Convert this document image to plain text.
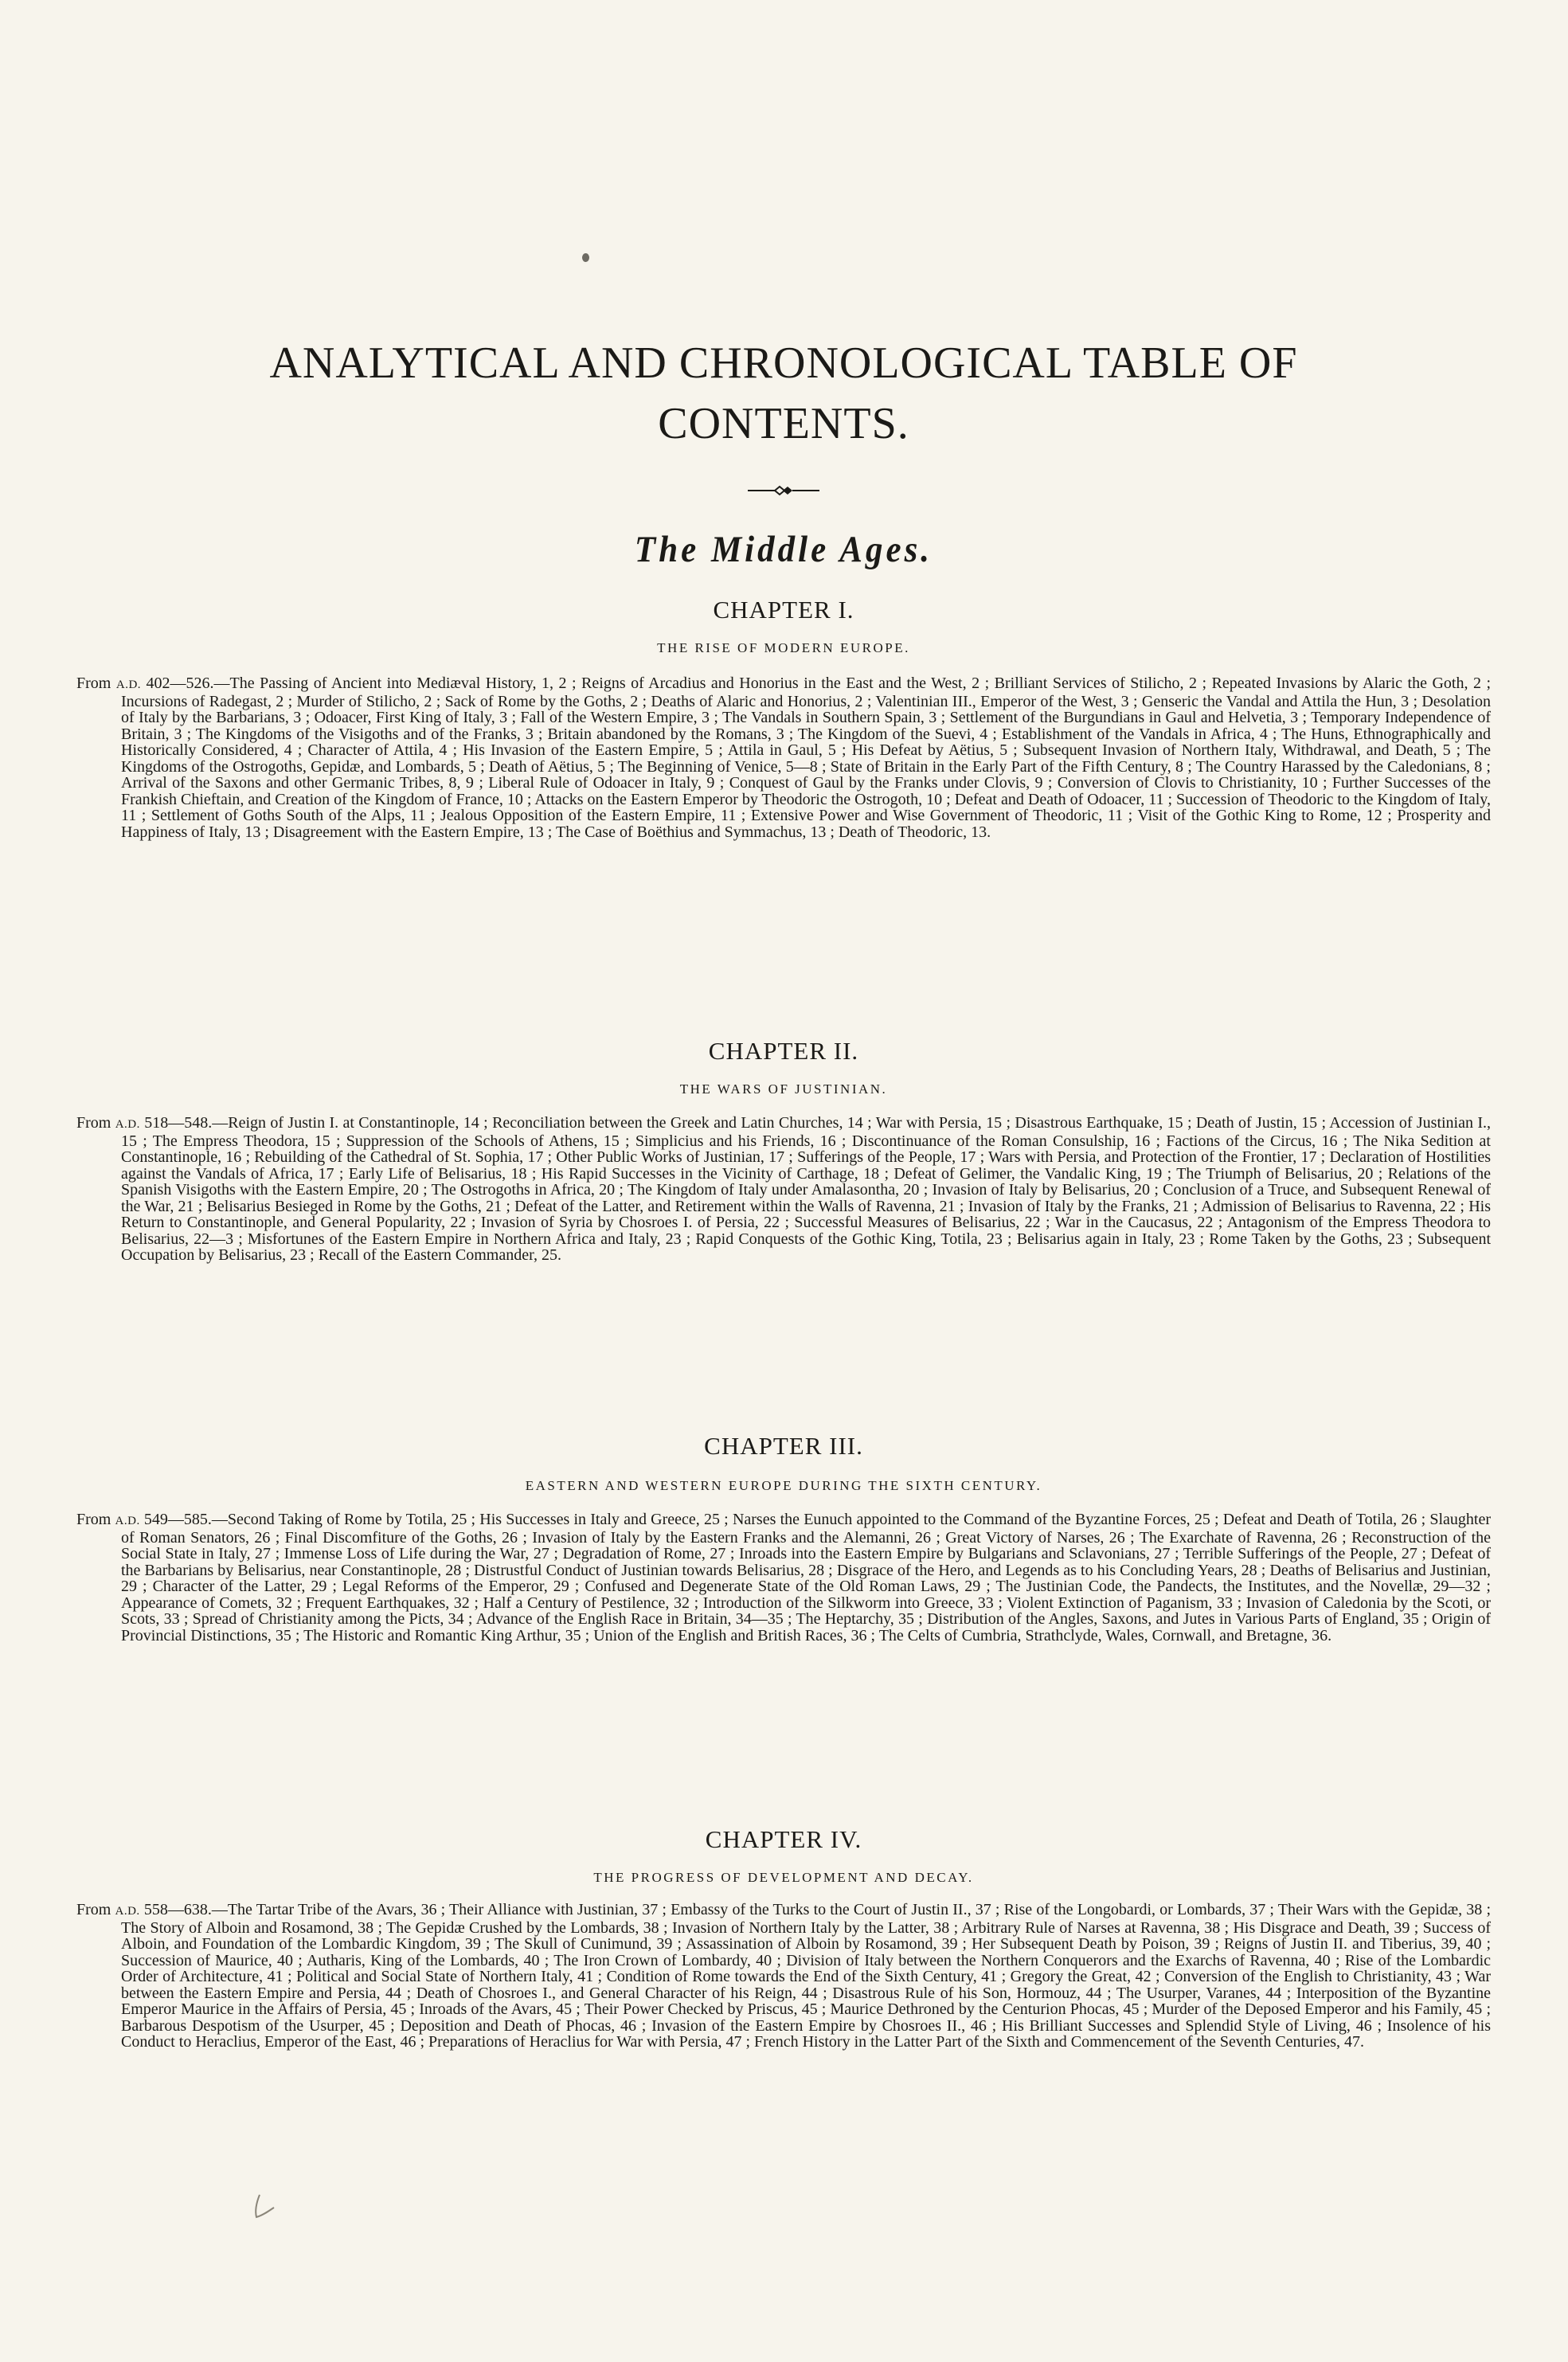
ANALYTICAL AND CHRONOLOGICAL TABLE OF
CONTENTS.
The Middle Ages.
CHAPTER I.
THE RISE OF MODERN EUROPE.

From A.D. 402—526.—The Passing of Ancient into Mediæval History, 1, 2 ; Reigns of Arcadius and Honorius in the East and the West, 2 ; Brilliant Services of Stilicho, 2 ; Repeated Invasions by Alaric the Goth, 2 ; Incursions of Radegast, 2 ; Murder of Stilicho, 2 ; Sack of Rome by the Goths, 2 ; Deaths of Alaric and Honorius, 2 ; Valentinian III., Emperor of the West, 3 ; Genseric the Vandal and Attila the Hun, 3 ; Desolation of Italy by the Barbarians, 3 ; Odoacer, First King of Italy, 3 ; Fall of the Western Empire, 3 ; The Vandals in Southern Spain, 3 ; Settlement of the Burgundians in Gaul and Helvetia, 3 ; Temporary Independence of Britain, 3 ; The Kingdoms of the Visigoths and of the Franks, 3 ; Britain abandoned by the Romans, 3 ; The Kingdom of the Suevi, 4 ; Establishment of the Vandals in Africa, 4 ; The Huns, Ethnographically and Historically Considered, 4 ; Character of Attila, 4 ; His Invasion of the Eastern Empire, 5 ; Attila in Gaul, 5 ; His Defeat by Aëtius, 5 ; Subsequent Invasion of Northern Italy, Withdrawal, and Death, 5 ; The Kingdoms of the Ostrogoths, Gepidæ, and Lombards, 5 ; Death of Aëtius, 5 ; The Beginning of Venice, 5—8 ; State of Britain in the Early Part of the Fifth Century, 8 ; The Country Harassed by the Caledonians, 8 ; Arrival of the Saxons and other Germanic Tribes, 8, 9 ; Liberal Rule of Odoacer in Italy, 9 ; Conquest of Gaul by the Franks under Clovis, 9 ; Conversion of Clovis to Christianity, 10 ; Further Successes of the Frankish Chieftain, and Creation of the Kingdom of France, 10 ; Attacks on the Eastern Emperor by Theodoric the Ostrogoth, 10 ; Defeat and Death of Odoacer, 11 ; Succession of Theodoric to the Kingdom of Italy, 11 ; Settlement of Goths South of the Alps, 11 ; Jealous Opposition of the Eastern Empire, 11 ; Extensive Power and Wise Government of Theodoric, 11 ; Visit of the Gothic King to Rome, 12 ; Prosperity and Happiness of Italy, 13 ; Disagreement with the Eastern Empire, 13 ; The Case of Boëthius and Symmachus, 13 ; Death of Theodoric, 13.

CHAPTER II.
THE WARS OF JUSTINIAN.

From A.D. 518—548.—Reign of Justin I. at Constantinople, 14 ; Reconciliation between the Greek and Latin Churches, 14 ; War with Persia, 15 ; Disastrous Earthquake, 15 ; Death of Justin, 15 ; Accession of Justinian I., 15 ; The Empress Theodora, 15 ; Suppression of the Schools of Athens, 15 ; Simplicius and his Friends, 16 ; Discontinuance of the Roman Consulship, 16 ; Factions of the Circus, 16 ; The Nika Sedition at Constantinople, 16 ; Rebuilding of the Cathedral of St. Sophia, 17 ; Other Public Works of Justinian, 17 ; Sufferings of the People, 17 ; Wars with Persia, and Protection of the Frontier, 17 ; Declaration of Hostilities against the Vandals of Africa, 17 ; Early Life of Belisarius, 18 ; His Rapid Successes in the Vicinity of Carthage, 18 ; Defeat of Gelimer, the Vandalic King, 19 ; The Triumph of Belisarius, 20 ; Relations of the Spanish Visigoths with the Eastern Empire, 20 ; The Ostrogoths in Africa, 20 ; The Kingdom of Italy under Amalasontha, 20 ; Invasion of Italy by Belisarius, 20 ; Conclusion of a Truce, and Subsequent Renewal of the War, 21 ; Belisarius Besieged in Rome by the Goths, 21 ; Defeat of the Latter, and Retirement within the Walls of Ravenna, 21 ; Invasion of Italy by the Franks, 21 ; Admission of Belisarius to Ravenna, 22 ; His Return to Constantinople, and General Popularity, 22 ; Invasion of Syria by Chosroes I. of Persia, 22 ; Successful Measures of Belisarius, 22 ; War in the Caucasus, 22 ; Antagonism of the Empress Theodora to Belisarius, 22—3 ; Misfortunes of the Eastern Empire in Northern Africa and Italy, 23 ; Rapid Conquests of the Gothic King, Totila, 23 ; Belisarius again in Italy, 23 ; Rome Taken by the Goths, 23 ; Subsequent Occupation by Belisarius, 23 ; Recall of the Eastern Commander, 25.

CHAPTER III.
EASTERN AND WESTERN EUROPE DURING THE SIXTH CENTURY.

From A.D. 549—585.—Second Taking of Rome by Totila, 25 ; His Successes in Italy and Greece, 25 ; Narses the Eunuch appointed to the Command of the Byzantine Forces, 25 ; Defeat and Death of Totila, 26 ; Slaughter of Roman Senators, 26 ; Final Discomfiture of the Goths, 26 ; Invasion of Italy by the Eastern Franks and the Alemanni, 26 ; Great Victory of Narses, 26 ; The Exarchate of Ravenna, 26 ; Reconstruction of the Social State in Italy, 27 ; Immense Loss of Life during the War, 27 ; Degradation of Rome, 27 ; Inroads into the Eastern Empire by Bulgarians and Sclavonians, 27 ; Terrible Sufferings of the People, 27 ; Defeat of the Barbarians by Belisarius, near Constantinople, 28 ; Distrustful Conduct of Justinian towards Belisarius, 28 ; Disgrace of the Hero, and Legends as to his Concluding Years, 28 ; Deaths of Belisarius and Justinian, 29 ; Character of the Latter, 29 ; Legal Reforms of the Emperor, 29 ; Confused and Degenerate State of the Old Roman Laws, 29 ; The Justinian Code, the Pandects, the Institutes, and the Novellæ, 29—32 ; Appearance of Comets, 32 ; Frequent Earthquakes, 32 ; Half a Century of Pestilence, 32 ; Introduction of the Silkworm into Greece, 33 ; Violent Extinction of Paganism, 33 ; Invasion of Caledonia by the Scoti, or Scots, 33 ; Spread of Christianity among the Picts, 34 ; Advance of the English Race in Britain, 34—35 ; The Heptarchy, 35 ; Distribution of the Angles, Saxons, and Jutes in Various Parts of England, 35 ; Origin of Provincial Distinctions, 35 ; The Historic and Romantic King Arthur, 35 ; Union of the English and British Races, 36 ; The Celts of Cumbria, Strathclyde, Wales, Cornwall, and Bretagne, 36.

CHAPTER IV.
THE PROGRESS OF DEVELOPMENT AND DECAY.

From A.D. 558—638.—The Tartar Tribe of the Avars, 36 ; Their Alliance with Justinian, 37 ; Embassy of the Turks to the Court of Justin II., 37 ; Rise of the Longobardi, or Lombards, 37 ; Their Wars with the Gepidæ, 38 ; The Story of Alboin and Rosamond, 38 ; The Gepidæ Crushed by the Lombards, 38 ; Invasion of Northern Italy by the Latter, 38 ; Arbitrary Rule of Narses at Ravenna, 38 ; His Disgrace and Death, 39 ; Success of Alboin, and Foundation of the Lombardic Kingdom, 39 ; The Skull of Cunimund, 39 ; Assassination of Alboin by Rosamond, 39 ; Her Subsequent Death by Poison, 39 ; Reigns of Justin II. and Tiberius, 39, 40 ; Succession of Maurice, 40 ; Autharis, King of the Lombards, 40 ; The Iron Crown of Lombardy, 40 ; Division of Italy between the Northern Conquerors and the Exarchs of Ravenna, 40 ; Rise of the Lombardic Order of Architecture, 41 ; Political and Social State of Northern Italy, 41 ; Condition of Rome towards the End of the Sixth Century, 41 ; Gregory the Great, 42 ; Conversion of the English to Christianity, 43 ; War between the Eastern Empire and Persia, 44 ; Death of Chosroes I., and General Character of his Reign, 44 ; Disastrous Rule of his Son, Hormouz, 44 ; The Usurper, Varanes, 44 ; Interposition of the Byzantine Emperor Maurice in the Affairs of Persia, 45 ; Inroads of the Avars, 45 ; Their Power Checked by Priscus, 45 ; Maurice Dethroned by the Centurion Phocas, 45 ; Murder of the Deposed Emperor and his Family, 45 ; Barbarous Despotism of the Usurper, 45 ; Deposition and Death of Phocas, 46 ; Invasion of the Eastern Empire by Chosroes II., 46 ; His Brilliant Successes and Splendid Style of Living, 46 ; Insolence of his Conduct to Heraclius, Emperor of the East, 46 ; Preparations of Heraclius for War with Persia, 47 ; French History in the Latter Part of the Sixth and Commencement of the Seventh Centuries, 47.
